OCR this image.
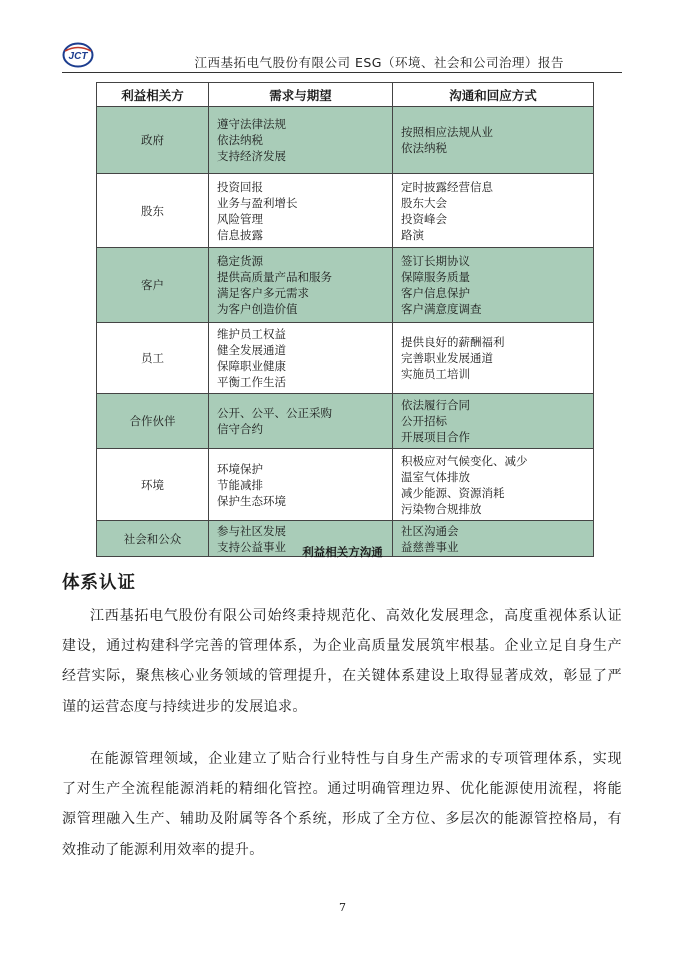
JCT	江西基拓电气股份有限公司 ESG（环境、社会和公司治理）报告
利益相关方	需求与期望	沟通和回应方式
政府	遵守法律法规
依法纳税
支持经济发展	按照相应法规从业
依法纳税

股东	投资回报
业务与盈利增长
风险管理
信息披露	定时披露经营信息
股东大会
投资峰会
路演

客户	稳定货源
提供高质量产品和服务
满足客户多元需求
为客户创造价值	签订长期协议
保障服务质量
客户信息保护
客户满意度调查

员工	维护员工权益
健全发展通道
保障职业健康
平衡工作生活	提供良好的薪酬福利
完善职业发展通道
实施员工培训

合作伙伴	公开、公平、公正采购
信守合约	依法履行合同
公开招标
开展项目合作

环境	环境保护
节能减排
保护生态环境	积极应对气候变化、减少
温室气体排放
减少能源、资源消耗
污染物合规排放

社会和公众	参与社区发展
支持公益事业	社区沟通会
益慈善事业
利益相关方沟通
体系认证
江西基拓电气股份有限公司始终秉持规范化、高效化发展理念，高度重视体系认证建设，通过构建科学完善的管理体系，为企业高质量发展筑牢根基。企业立足自身生产经营实际，聚焦核心业务领域的管理提升，在关键体系建设上取得显著成效，彰显了严谨的运营态度与持续进步的发展追求。
在能源管理领域，企业建立了贴合行业特性与自身生产需求的专项管理体系，实现了对生产全流程能源消耗的精细化管控。通过明确管理边界、优化能源使用流程，将能源管理融入生产、辅助及附属等各个系统，形成了全方位、多层次的能源管控格局，有效推动了能源利用效率的提升。
7
